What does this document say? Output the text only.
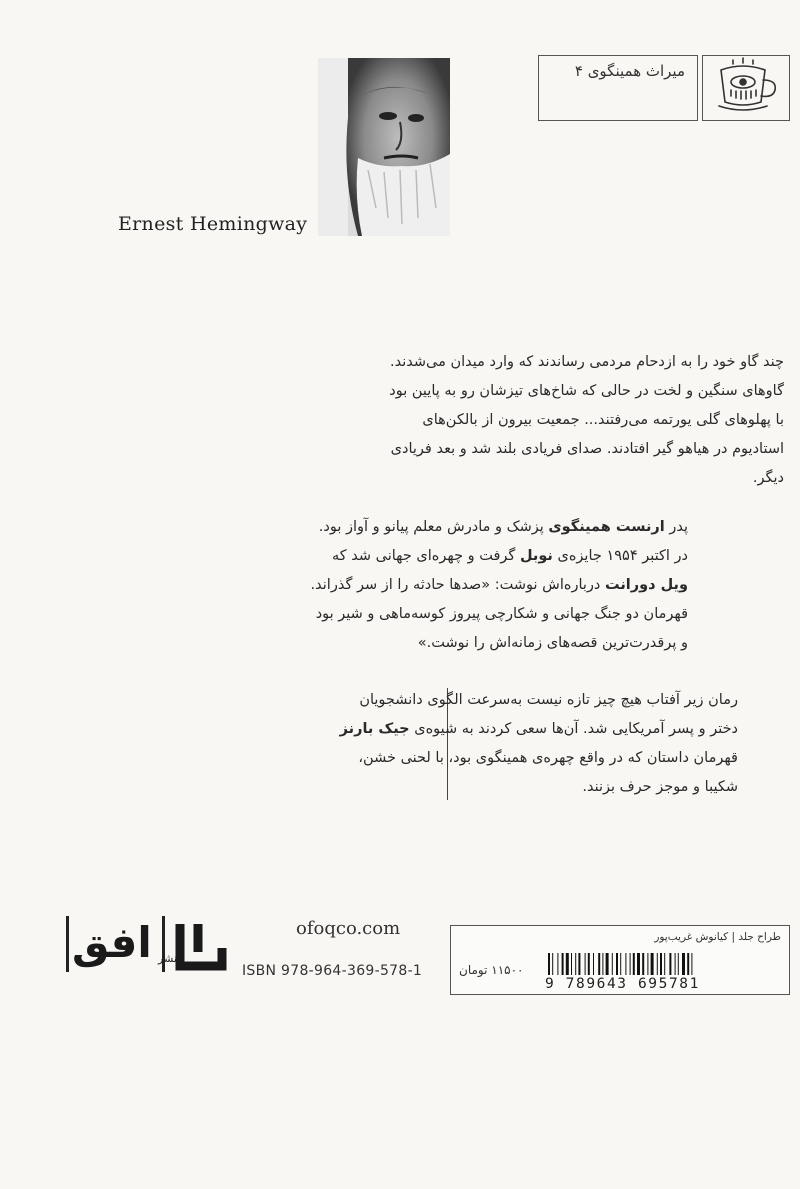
میراث همینگوی ۴
Ernest Hemingway
چند گاو خود را به ازدحام مردمی رساندند که وارد میدان می‌شدند.
گاوهای سنگین و لخت در حالی که شاخ‌های تیزشان رو به پایین بود
با پهلوهای گلی یورتمه می‌رفتند... جمعیت بیرون از بالکن‌های
استادیوم در هیاهو گیر افتادند. صدای فریادی بلند شد و بعد فریادی
دیگر.
پدر ارنست همینگوی پزشک و مادرش معلم پیانو و آواز بود.
در اکتبر ۱۹۵۴ جایزه‌ی نوبل گرفت و چهره‌ای جهانی شد که
ویل دورانت درباره‌اش نوشت: «صدها حادثه را از سر گذراند.
قهرمان دو جنگ جهانی و شکارچی پیروز کوسه‌ماهی و شیر بود
و پرقدرت‌ترین قصه‌های زمانه‌اش را نوشت.»
رمان زیر آفتاب هیچ چیز تازه نیست به‌سرعت الگوی دانشجویان
دختر و پسر آمریکایی شد. آن‌ها سعی کردند به شیوه‌ی جیک بارنز
قهرمان داستان که در واقع چهره‌ی همینگوی بود، با لحنی خشن،
شکیبا و موجز حرف بزنند.
افق نشر
ofoqco.com
ISBN 978-964-369-578-1
طراح جلد | کیانوش غریب‌پور
۱۱۵۰۰ تومان
9 789643 695781
